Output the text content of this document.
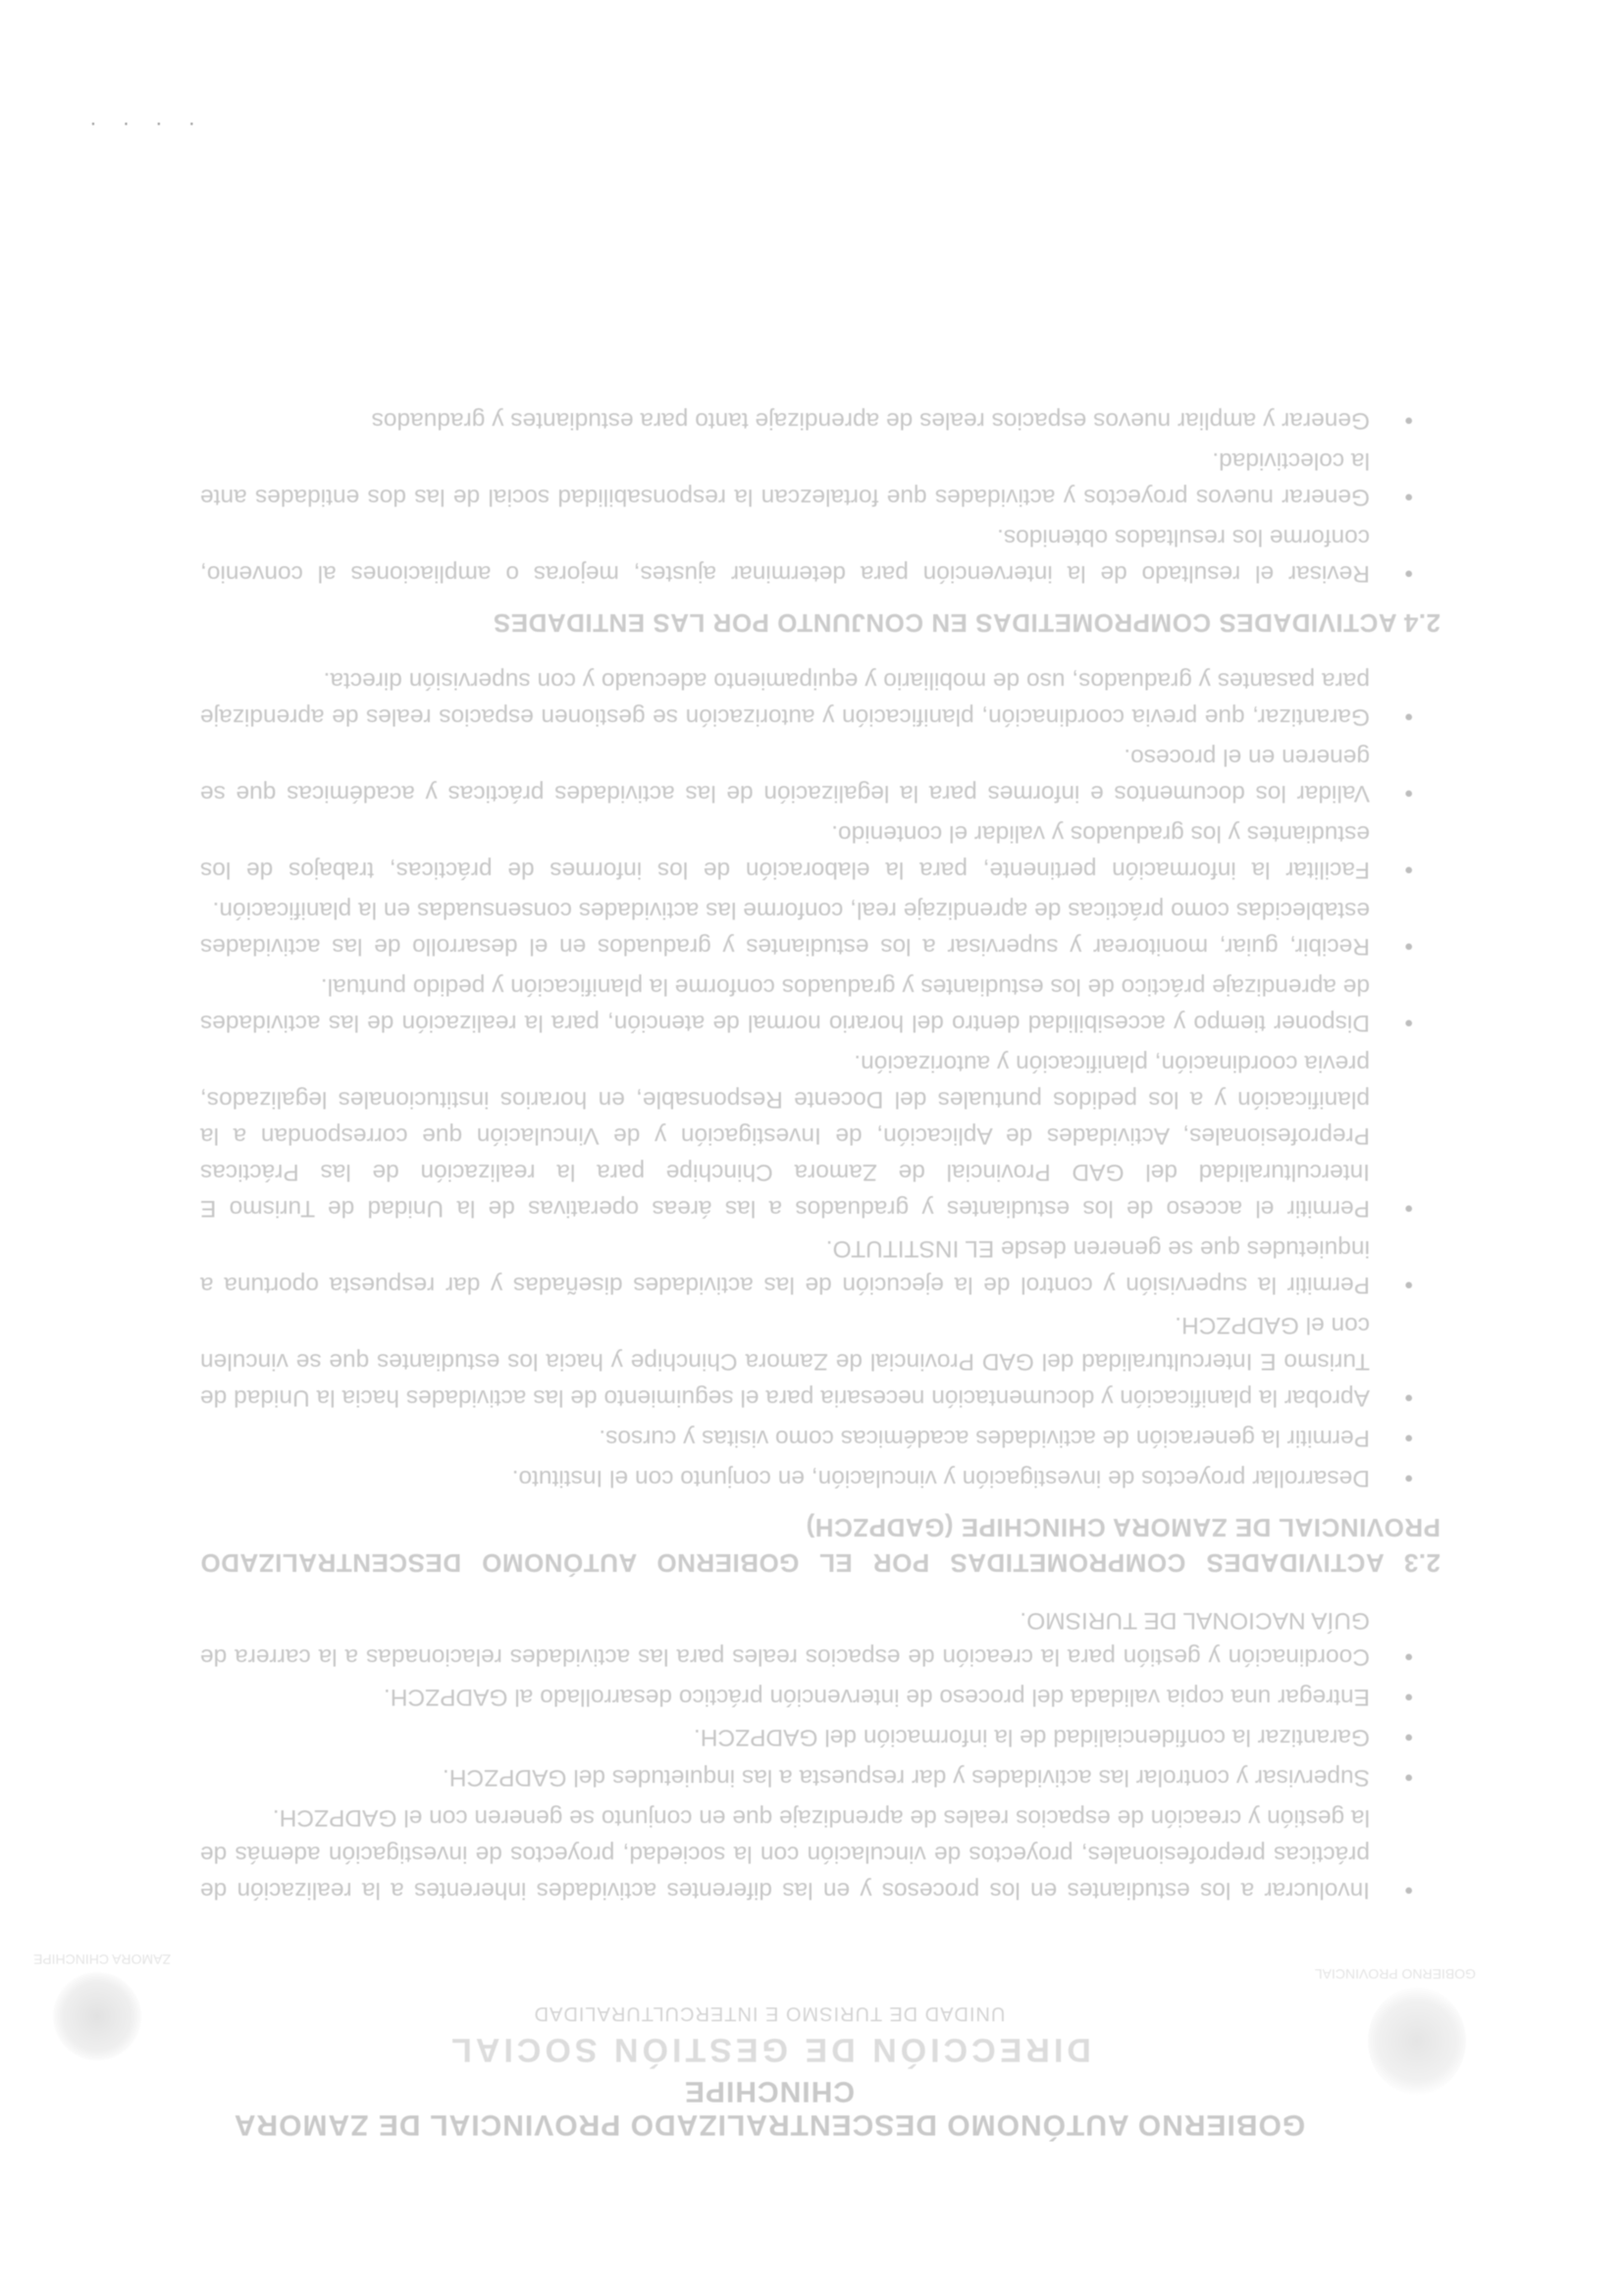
GOBIERNO AUTÓNOMO DESCENTRALIZADO PROVINCIAL DE ZAMORA CHINCHIPE
DIRECCIÓN DE GESTIÓN SOCIAL
UNIDAD DE TURISMO E INTERCULTURALIDAD
GOBIERNO PROVINCIAL
ZAMORA CHINCHIPE
• Involucrar a los estudiantes en los procesos y en las diferentes actividades inherentes a la realización de prácticas preprofesionales, proyectos de vinculación con la sociedad, proyectos de investigación además de la gestión y creación de espacios reales de aprendizaje que en conjunto se generen con el GADPZCH.
• Supervisar y controlar las actividades y dar respuesta a las inquietudes del GADPZCH.
• Garantizar la confidencialidad de la información del GADPZCH.
• Entregar una copia validada del proceso de intervención práctico desarrollado al GADPZCH.
• Coordinación y gestión para la creación de espacios reales para las actividades relacionadas a la carrera de GUÍA NACIONAL DE TURISMO.
2.3 ACTIVIDADES COMPROMETIDAS POR EL GOBIERNO AUTÓNOMO DESCENTRALIZADO PROVINCIAL DE ZAMORA CHINCHIPE (GADPZCH)
• Desarrollar proyectos de investigación y vinculación, en conjunto con el Instituto.
• Permitir la generación de actividades académicas como visitas y cursos.
• Aprobar la planificación y documentación necesaria para el seguimiento de las actividades hacia la Unidad de Turismo E Interculturalidad del GAD Provincial de Zamora Chinchipe y hacia los estudiantes que se vinculen con el GADPZCH.
• Permitir la supervisión y control de la ejecución de las actividades diseñadas y dar respuesta oportuna a inquietudes que se generen desde EL INSTITUTO.
• Permitir el acceso de los estudiantes y graduados a las áreas operativas de la Unidad de Turismo E Interculturalidad del GAD Provincial de Zamora Chinchipe para la realización de las Prácticas Preprofesionales, Actividades de Aplicación, de Investigación y de Vinculación que correspondan a la planificación y a los pedidos puntuales del Docente Responsable, en horarios institucionales legalizados, previa coordinación, planificación y autorización.
• Disponer tiempo y accesibilidad dentro del horario normal de atención, para la realización de las actividades de aprendizaje práctico de los estudiantes y graduados conforme la planificación y pedido puntual.
• Recibir, guiar, monitorear y supervisar a los estudiantes y graduados en el desarrollo de las actividades establecidas como prácticas de aprendizaje real, conforme las actividades consensuadas en la planificación.
• Facilitar la información pertinente, para la elaboración de los informes de prácticas, trabajos de los estudiantes y los graduados y validar el contenido.
• Validar los documentos e informes para la legalización de las actividades prácticas y académicas que se generen en el proceso.
• Garantizar, que previa coordinación, planificación y autorización se gestionen espacios reales de aprendizaje para pasantes y graduados, uso de mobiliario y equipamiento adecuado y con supervisión directa.
2.4 ACTIVIDADES COMPROMETIDAS EN CONJUNTO POR LAS ENTIDADES
• Revisar el resultado de la intervención para determinar ajustes, mejoras o ampliaciones al convenio, conforme los resultados obtenidos.
• Generar nuevos proyectos y actividades que fortalezcan la responsabilidad social de las dos entidades ante la colectividad.
• Generar y ampliar nuevos espacios reales de aprendizaje tanto para estudiantes y graduados
· · · ·
